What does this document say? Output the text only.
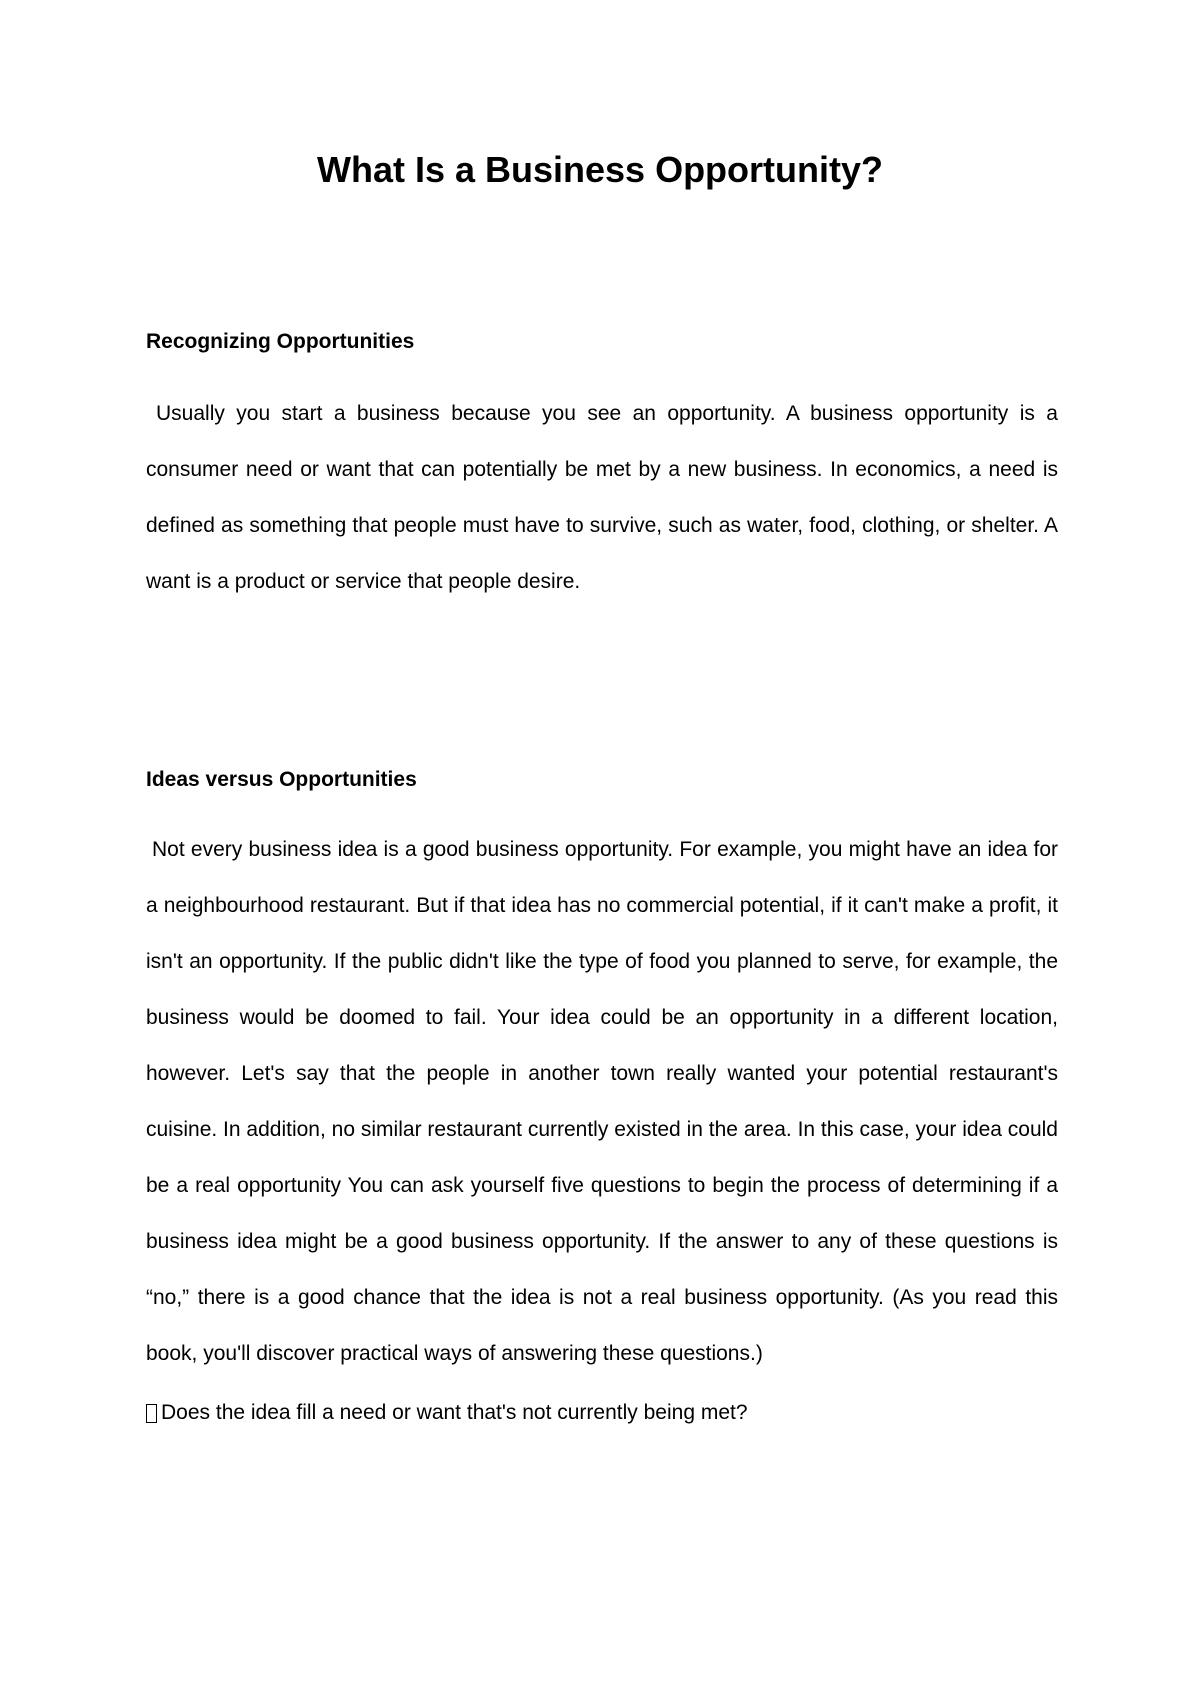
What Is a Business Opportunity?
Recognizing Opportunities

Usually you start a business because you see an opportunity. A business opportunity is a consumer need or want that can potentially be met by a new business. In economics, a need is defined as something that people must have to survive, such as water, food, clothing, or shelter. A want is a product or service that people desire.

Ideas versus Opportunities

Not every business idea is a good business opportunity. For example, you might have an idea for a neighbourhood restaurant. But if that idea has no commercial potential, if it can't make a profit, it isn't an opportunity. If the public didn't like the type of food you planned to serve, for example, the business would be doomed to fail. Your idea could be an opportunity in a different location, however. Let's say that the people in another town really wanted your potential restaurant's cuisine. In addition, no similar restaurant currently existed in the area. In this case, your idea could be a real opportunity You can ask yourself five questions to begin the process of determining if a business idea might be a good business opportunity. If the answer to any of these questions is “no,” there is a good chance that the idea is not a real business opportunity. (As you read this book, you'll discover practical ways of answering these questions.)

Does the idea fill a need or want that's not currently being met?
